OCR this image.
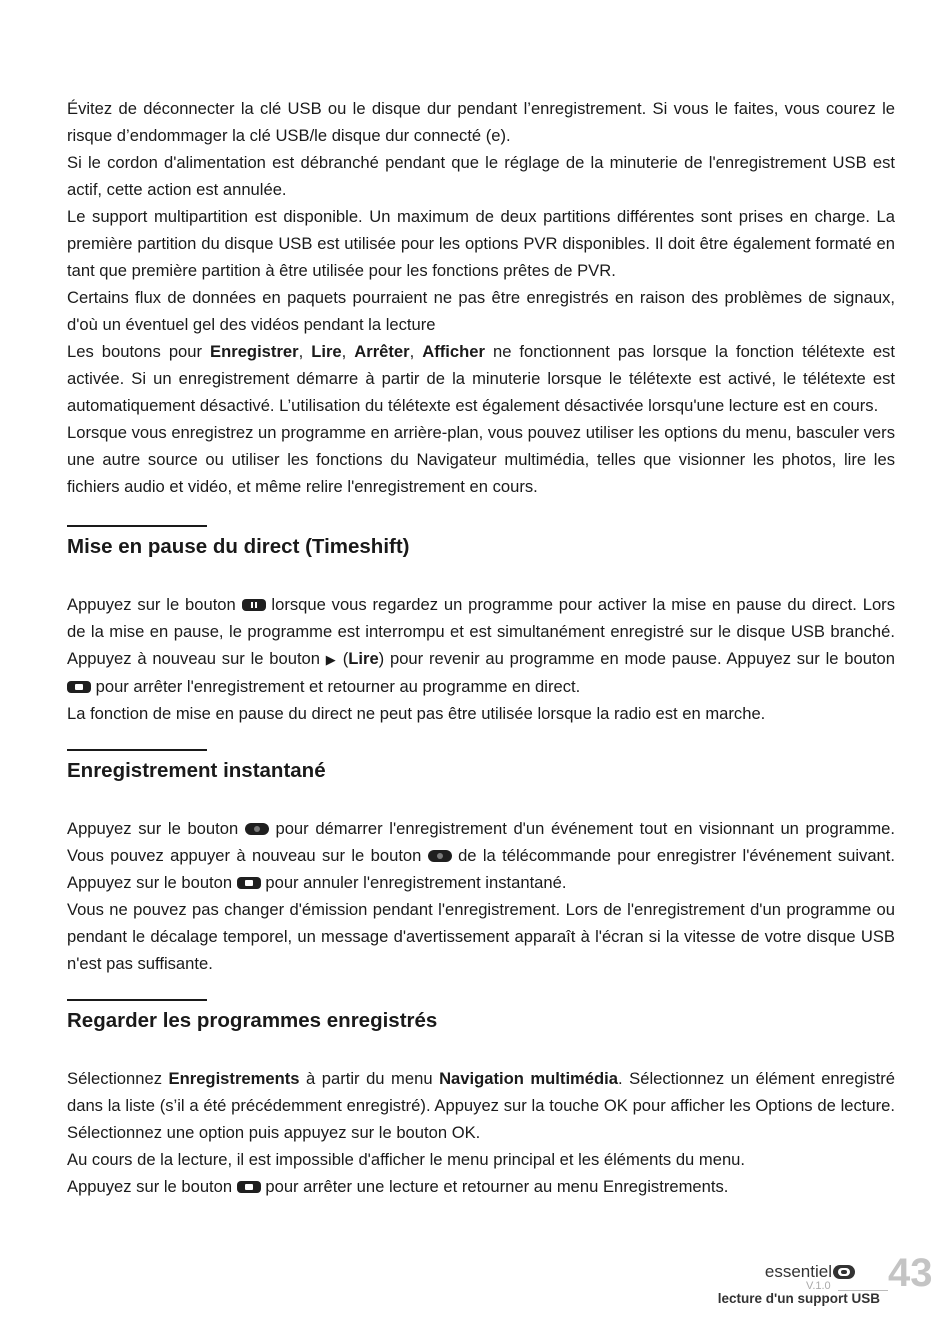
Évitez de déconnecter la clé USB ou le disque dur pendant l’enregistrement. Si vous le faites, vous courez le risque d’endommager la clé USB/le disque dur connecté (e).

Si le cordon d'alimentation est débranché pendant que le réglage de la minuterie de l'enregistrement USB est actif, cette action est annulée.

Le support multipartition est disponible. Un maximum de deux partitions différentes sont prises en charge. La première partition du disque USB est utilisée pour les options PVR disponibles. Il doit être également formaté en tant que première partition à être utilisée pour les fonctions prêtes de PVR.

Certains flux de données en paquets pourraient ne pas être enregistrés en raison des problèmes de signaux, d'où un éventuel gel des vidéos pendant la lecture

Les boutons pour Enregistrer, Lire, Arrêter, Afficher ne fonctionnent pas lorsque la fonction télétexte est activée. Si un enregistrement démarre à partir de la minuterie lorsque le télétexte est activé, le télétexte est automatiquement désactivé. L’utilisation du télétexte est également désactivée lorsqu'une lecture est en cours.

Lorsque vous enregistrez un programme en arrière-plan, vous pouvez utiliser les options du menu, basculer vers une autre source ou utiliser les fonctions du Navigateur multimédia, telles que visionner les photos, lire les fichiers audio et vidéo, et même relire l'enregistrement en cours.

Mise en pause du direct (Timeshift)

Appuyez sur le bouton  lorsque vous regardez un programme pour activer la mise en pause du direct. Lors de la mise en pause, le programme est interrompu et est simultanément enregistré sur le disque USB branché. Appuyez à nouveau sur le bouton ▶ (Lire) pour revenir au programme en mode pause. Appuyez sur le bouton  pour arrêter l'enregistrement et retourner au programme en direct.

La fonction de mise en pause du direct ne peut pas être utilisée lorsque la radio est en marche.

Enregistrement instantané

Appuyez sur le bouton  pour démarrer l'enregistrement d'un événement tout en visionnant un programme. Vous pouvez appuyer à nouveau sur le bouton  de la télécommande pour enregistrer l'événement suivant. Appuyez sur le bouton  pour annuler l'enregistrement instantané.

Vous ne pouvez pas changer d'émission pendant l'enregistrement. Lors de l'enregistrement d'un programme ou pendant le décalage temporel, un message d'avertissement apparaît à l'écran si la vitesse de votre disque USB n'est pas suffisante.

Regarder les programmes enregistrés

Sélectionnez Enregistrements à partir du menu Navigation multimédia. Sélectionnez un élément enregistré dans la liste (s’il a été précédemment enregistré). Appuyez sur la touche OK pour afficher les Options de lecture. Sélectionnez une option puis appuyez sur le bouton OK.

Au cours de la lecture, il est impossible d'afficher le menu principal et les éléments du menu.

Appuyez sur le bouton  pour arrêter une lecture et retourner au menu Enregistrements.

essentiel
V.1.0 43
lecture d'un support USB
